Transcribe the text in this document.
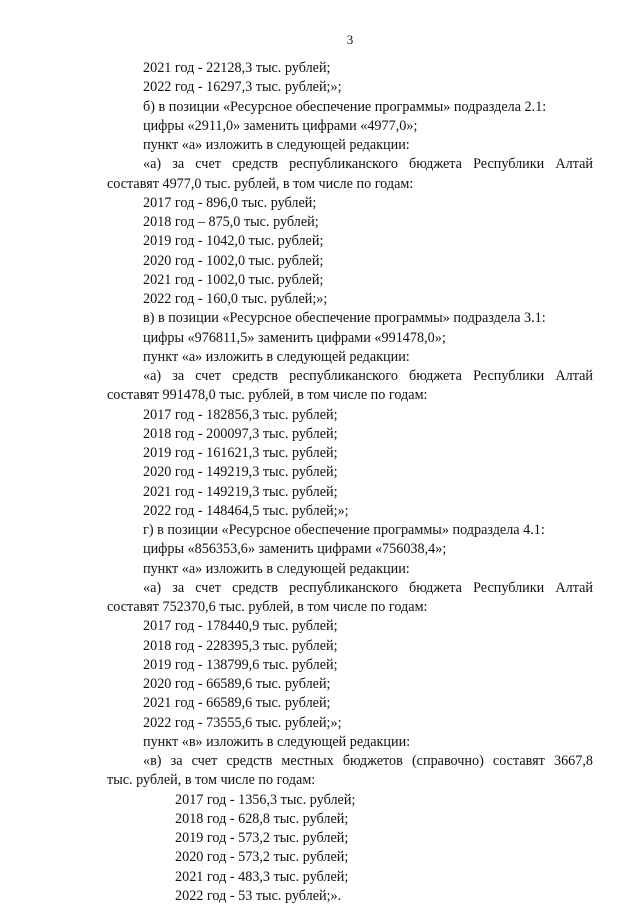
3
2021 год - 22128,3 тыс. рублей;
2022 год - 16297,3 тыс. рублей;»;
б) в позиции «Ресурсное обеспечение программы» подраздела 2.1:
цифры «2911,0» заменить цифрами «4977,0»;
пункт «а» изложить в следующей редакции:
«а) за счет средств республиканского бюджета Республики Алтай
составят 4977,0 тыс. рублей, в том числе по годам:
2017 год - 896,0 тыс. рублей;
2018 год – 875,0 тыс. рублей;
2019 год - 1042,0 тыс. рублей;
2020 год - 1002,0 тыс. рублей;
2021 год - 1002,0 тыс. рублей;
2022 год - 160,0 тыс. рублей;»;
в) в позиции «Ресурсное обеспечение программы» подраздела 3.1:
цифры «976811,5» заменить цифрами «991478,0»;
пункт «а» изложить в следующей редакции:
«а) за счет средств республиканского бюджета Республики Алтай
составят 991478,0 тыс. рублей, в том числе по годам:
2017 год - 182856,3 тыс. рублей;
2018 год - 200097,3 тыс. рублей;
2019 год - 161621,3 тыс. рублей;
2020 год - 149219,3 тыс. рублей;
2021 год - 149219,3 тыс. рублей;
2022 год - 148464,5 тыс. рублей;»;
г) в позиции «Ресурсное обеспечение программы» подраздела 4.1:
цифры «856353,6» заменить цифрами «756038,4»;
пункт «а» изложить в следующей редакции:
«а) за счет средств республиканского бюджета Республики Алтай
составят 752370,6 тыс. рублей, в том числе по годам:
2017 год - 178440,9 тыс. рублей;
2018 год - 228395,3 тыс. рублей;
2019 год - 138799,6 тыс. рублей;
2020 год - 66589,6 тыс. рублей;
2021 год - 66589,6 тыс. рублей;
2022 год - 73555,6 тыс. рублей;»;
пункт «в» изложить в следующей редакции:
«в) за счет средств местных бюджетов (справочно) составят 3667,8
тыс. рублей, в том числе по годам:
2017 год - 1356,3 тыс. рублей;
2018 год - 628,8 тыс. рублей;
2019 год - 573,2 тыс. рублей;
2020 год - 573,2 тыс. рублей;
2021 год - 483,3 тыс. рублей;
2022 год - 53 тыс. рублей;».
